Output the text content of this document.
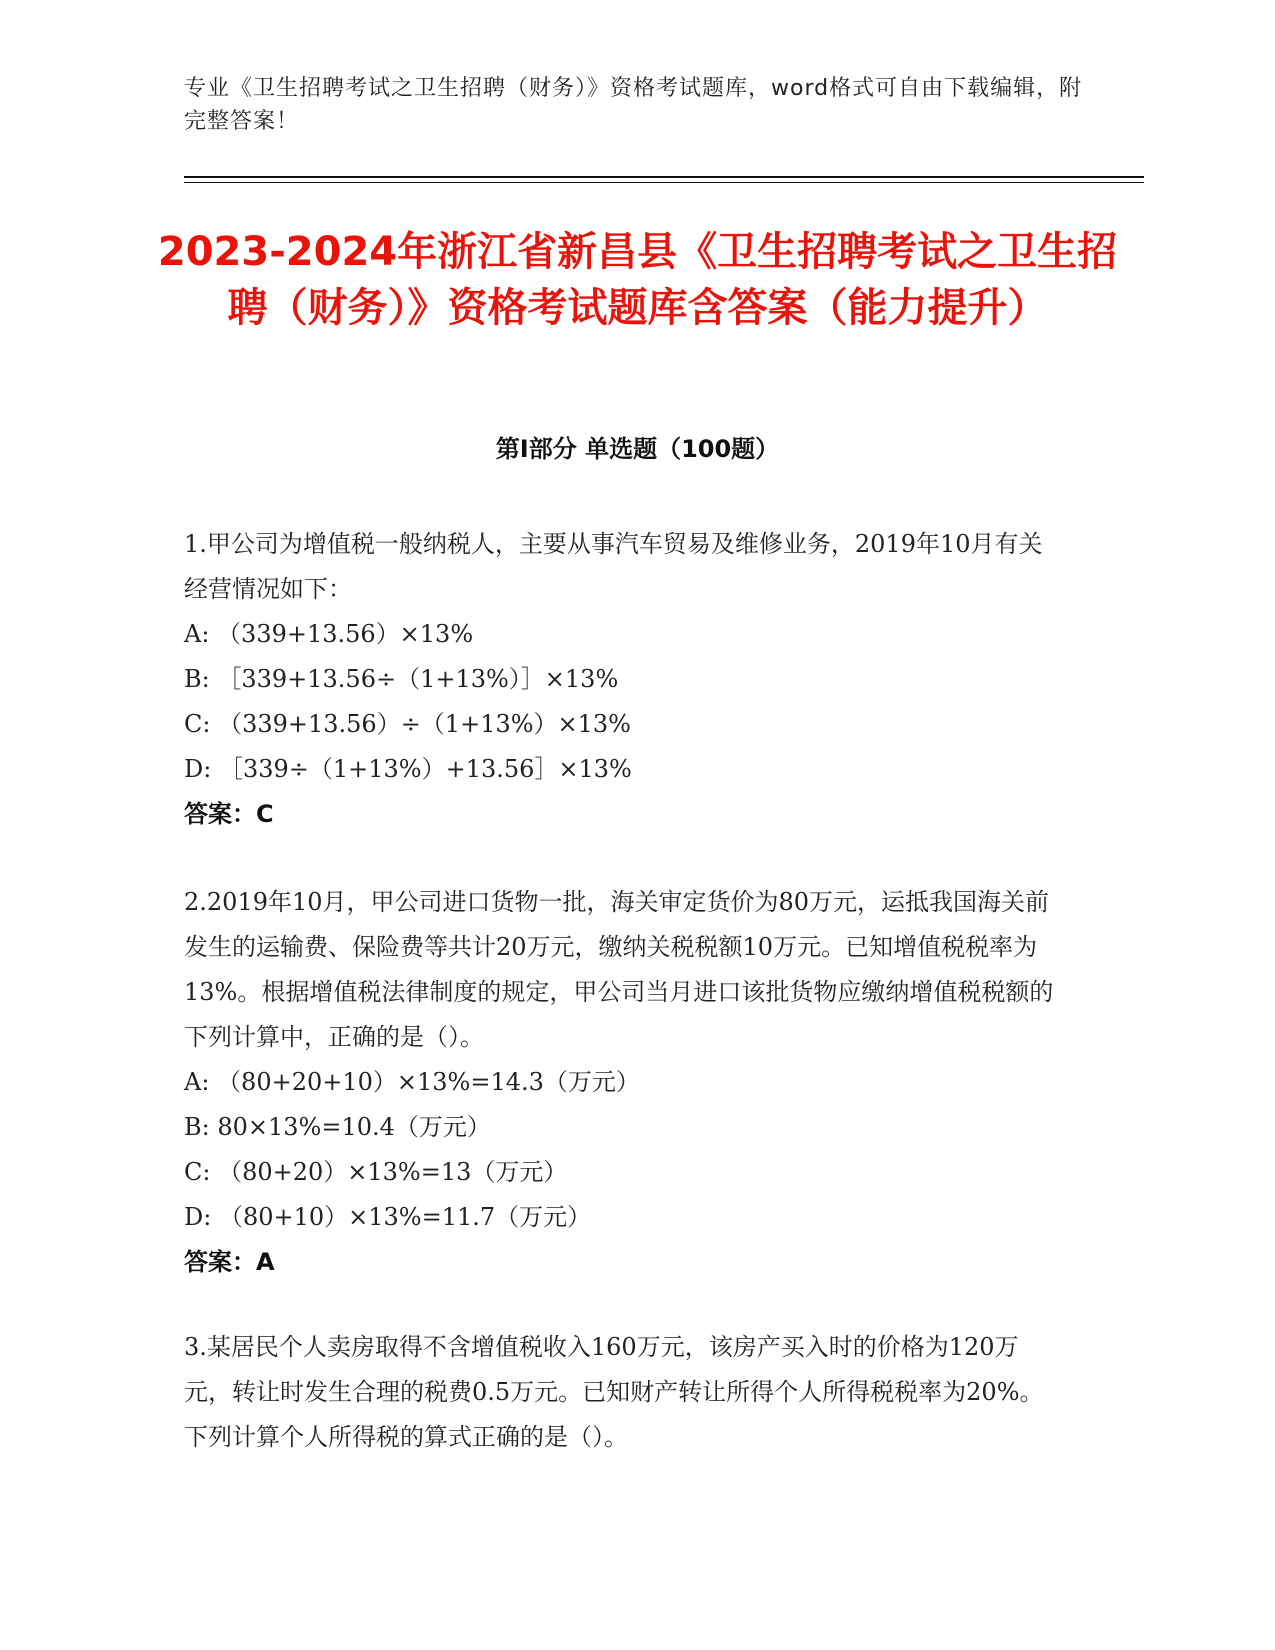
专业《卫生招聘考试之卫生招聘（财务）》资格考试题库，word格式可自由下载编辑，附完整答案！
2023-2024年浙江省新昌县《卫生招聘考试之卫生招聘（财务）》资格考试题库含答案（能力提升）
第Ⅰ部分 单选题（100题）
1.甲公司为增值税一般纳税人，主要从事汽车贸易及维修业务，2019年10月有关经营情况如下：
A: （339+13.56）×13%
B: ［339+13.56÷（1+13%）］×13%
C: （339+13.56）÷（1+13%）×13%
D: ［339÷（1+13%）+13.56］×13%
答案：C
2.2019年10月，甲公司进口货物一批，海关审定货价为80万元，运抵我国海关前发生的运输费、保险费等共计20万元，缴纳关税税额10万元。已知增值税税率为13%。根据增值税法律制度的规定，甲公司当月进口该批货物应缴纳增值税税额的下列计算中，正确的是（）。
A: （80+20+10）×13%=14.3（万元）
B: 80×13%=10.4（万元）
C: （80+20）×13%=13（万元）
D: （80+10）×13%=11.7（万元）
答案：A
3.某居民个人卖房取得不含增值税收入160万元，该房产买入时的价格为120万元，转让时发生合理的税费0.5万元。已知财产转让所得个人所得税税率为20%。下列计算个人所得税的算式正确的是（）。
